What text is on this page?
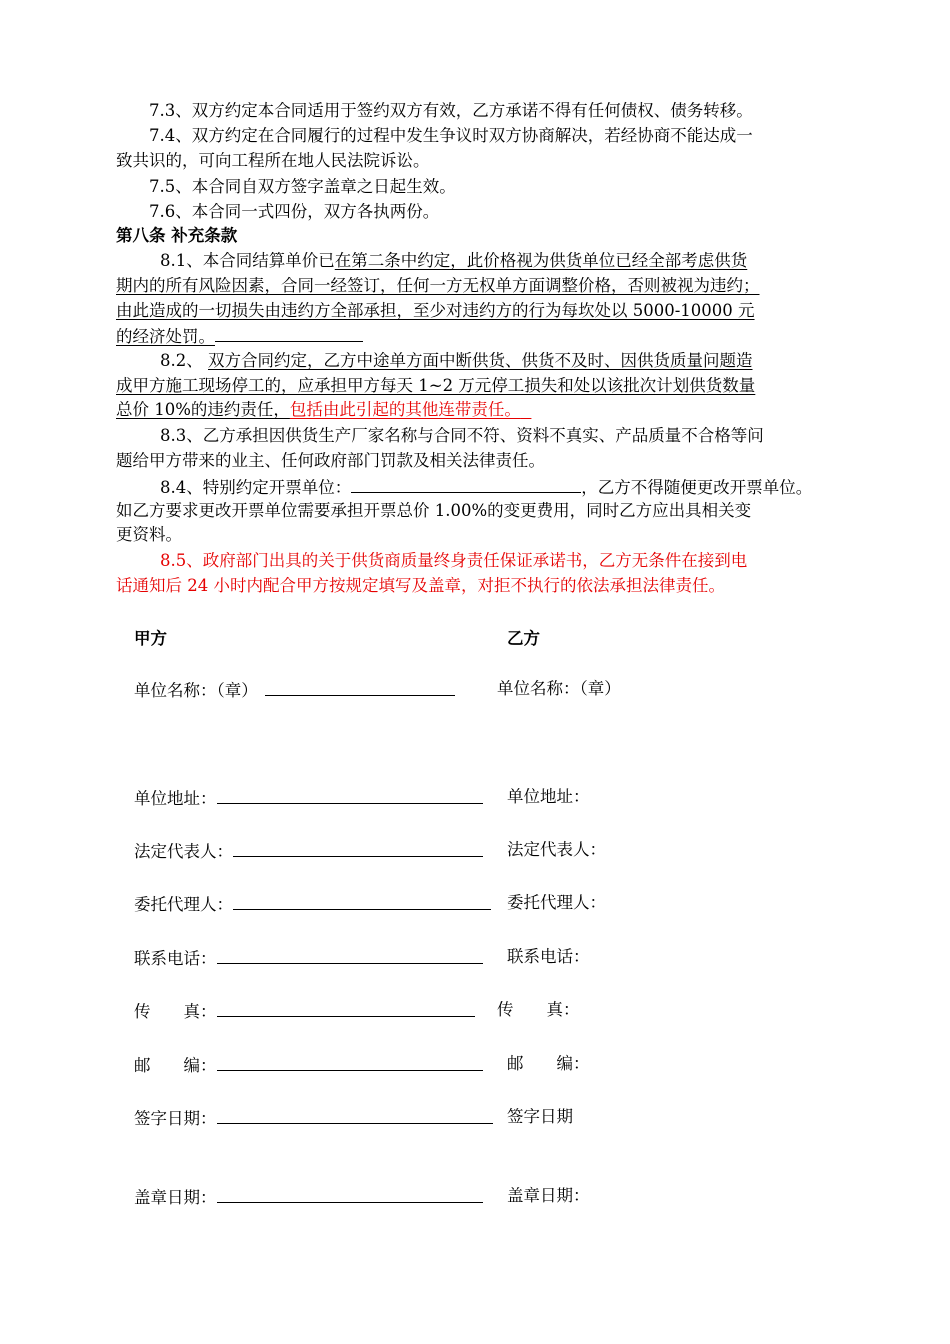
7.3、双方约定本合同适用于签约双方有效，乙方承诺不得有任何债权、债务转移。
7.4、双方约定在合同履行的过程中发生争议时双方协商解决，若经协商不能达成一
致共识的，可向工程所在地人民法院诉讼。
7.5、本合同自双方签字盖章之日起生效。
7.6、本合同一式四份，双方各执两份。
第八条 补充条款
8.1、本合同结算单价已在第二条中约定，此价格视为供货单位已经全部考虑供货
期内的所有风险因素，合同一经签订，任何一方无权单方面调整价格，否则被视为违约；
由此造成的一切损失由违约方全部承担，至少对违约方的行为每坎处以 5000-10000 元
的经济处罚。
8.2、 双方合同约定，乙方中途单方面中断供货、供货不及时、因供货质量问题造
成甲方施工现场停工的，应承担甲方每天 1~2 万元停工损失和处以该批次计划供货数量
总价 10%的违约责任，包括由此引起的其他连带责任。
8.3、乙方承担因供货生产厂家名称与合同不符、资料不真实、产品质量不合格等问
题给甲方带来的业主、任何政府部门罚款及相关法律责任。
8.4、特别约定开票单位：	，乙方不得随便更改开票单位。
如乙方要求更改开票单位需要承担开票总价 1.00%的变更费用，同时乙方应出具相关变
更资料。
8.5、政府部门出具的关于供货商质量终身责任保证承诺书，乙方无条件在接到电
话通知后 24 小时内配合甲方按规定填写及盖章，对拒不执行的依法承担法律责任。
甲方	乙方
单位名称：（章）	单位名称：（章）
单位地址：	单位地址：
法定代表人：	法定代表人：
委托代理人：	委托代理人：
联系电话：	联系电话：
传　　真：	传　　真：
邮　　编：	邮　　编：
签字日期：	签字日期
盖章日期：	盖章日期：
